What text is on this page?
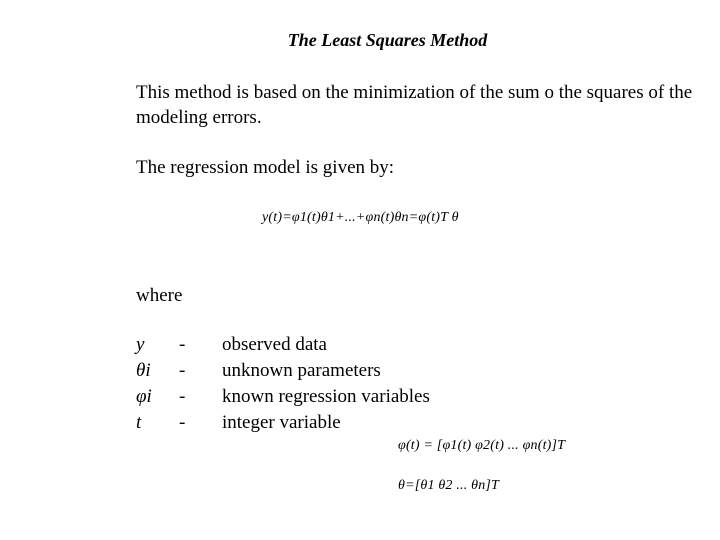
The Least Squares Method
This method is based on the minimization of the sum o the squares of the modeling errors.
The regression model is given by:
y(t)=φ1(t)θ1+...+φn(t)θn=φ(t)T θ
where
y	-	observed data
θi	-	unknown parameters
φi	-	known regression variables
t	-	integer variable
φ(t) = [φ1(t) φ2(t) ... φn(t)]T
θ=[θ1 θ2 ... θn]T
